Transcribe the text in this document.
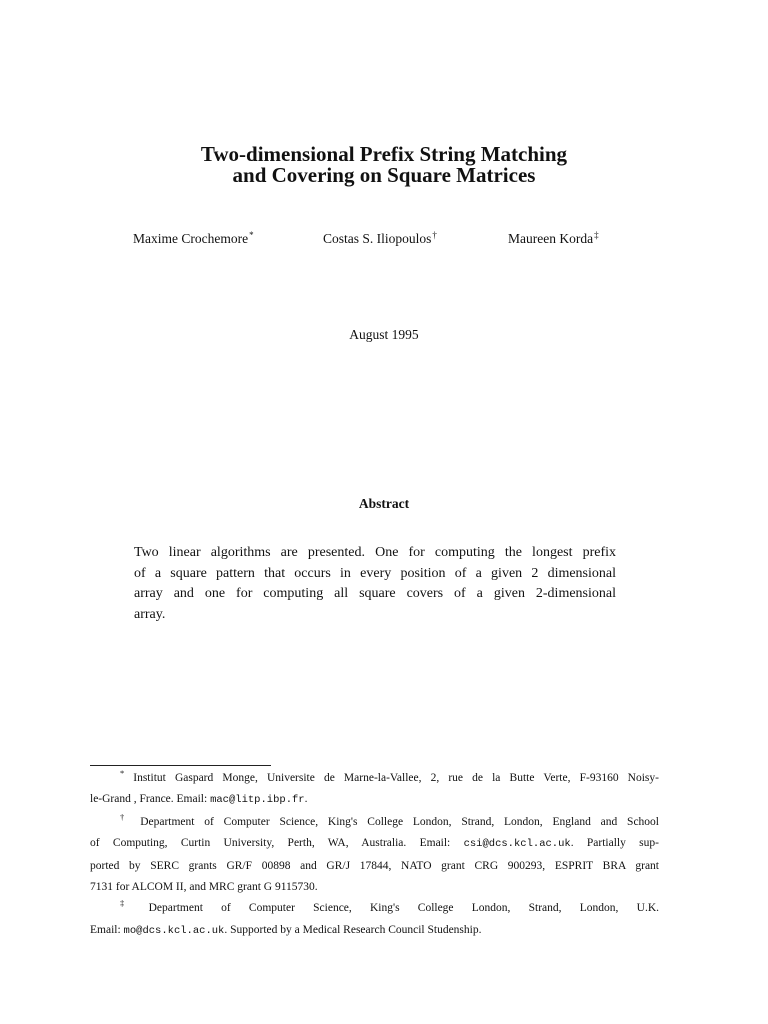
Two-dimensional Prefix String Matching
and Covering on Square Matrices
Maxime Crochemore*	Costas S. Iliopoulos†	Maureen Korda‡
August 1995
Abstract
Two linear algorithms are presented. One for computing the longest prefix
of a square pattern that occurs in every position of a given 2 dimensional
array and one for computing all square covers of a given 2-dimensional
array.
* Institut Gaspard Monge, Universite de Marne-la-Vallee, 2, rue de la Butte Verte, F-93160 Noisy-
le-Grand , France. Email: mac@litp.ibp.fr.
† Department of Computer Science, King's College London, Strand, London, England and School
of Computing, Curtin University, Perth, WA, Australia. Email: csi@dcs.kcl.ac.uk. Partially sup-
ported by SERC grants GR/F 00898 and GR/J 17844, NATO grant CRG 900293, ESPRIT BRA grant
7131 for ALCOM II, and MRC grant G 9115730.
‡ Department of Computer Science, King's College London, Strand, London, U.K.
Email: mo@dcs.kcl.ac.uk. Supported by a Medical Research Council Studenship.
